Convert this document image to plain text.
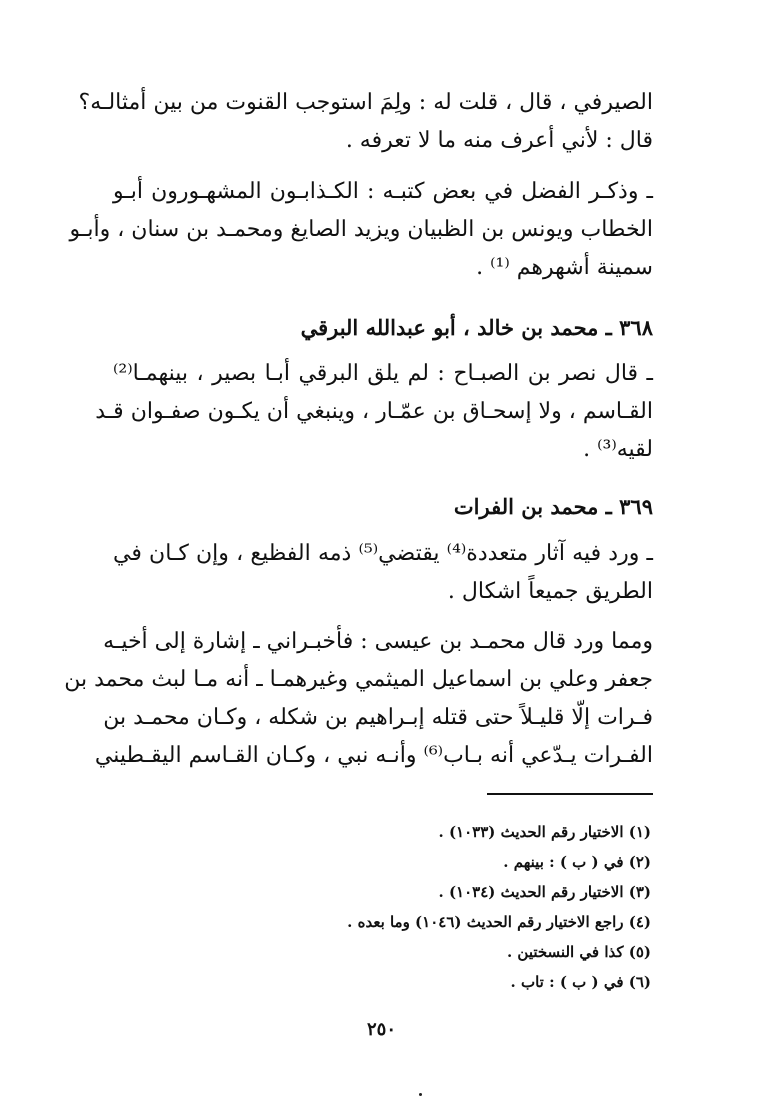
الصيرفي ، قال ، قلت له : ولِمَ استوجب القنوت من بين أمثالـه؟
قال : لأني أعرف منه ما لا تعرفه .
ـ وذكـر الفضل في بعض كتبـه : الكـذابـون المشهـورون أبـو
الخطاب ويونس بن الظبيان ويزيد الصايغ ومحمـد بن سنان ، وأبـو
سمينة أشهرهم ⁽¹⁾ .
٣٦٨ ـ محمد بن خالد ، أبو عبدالله البرقي
ـ قال نصر بن الصبـاح : لم يلق البرقي أبـا بصير ، بينهمـا⁽²⁾
القـاسم ، ولا إسحـاق بن عمّـار ، وينبغي أن يكـون صفـوان قـد
لقيه⁽³⁾ .
٣٦٩ ـ محمد بن الفرات
ـ ورد فيه آثار متعددة⁽⁴⁾ يقتضي⁽⁵⁾ ذمه الفظيع ، وإن كـان في
الطريق جميعاً اشكال .
ومما ورد قال محمـد بن عيسى : فأخبـراني ـ إشارة إلى أخيـه
جعفر وعلي بن اسماعيل الميثمي وغيرهمـا ـ أنه مـا لبث محمد بن
فـرات إلّا قليـلاً حتى قتله إبـراهيم بن شكله ، وكـان محمـد بن
الفـرات يـدّعي أنه بـاب⁽⁶⁾ وأنـه نبي ، وكـان القـاسم اليقـطيني
(١) الاختيار رقم الحديث (١٠٣٣) .
(٢) في ( ب ) : بينهم .
(٣) الاختيار رقم الحديث (١٠٣٤) .
(٤) راجع الاختيار رقم الحديث (١٠٤٦) وما بعده .
(٥) كذا في النسختين .
(٦) في ( ب ) : تاب .
٢٥٠
